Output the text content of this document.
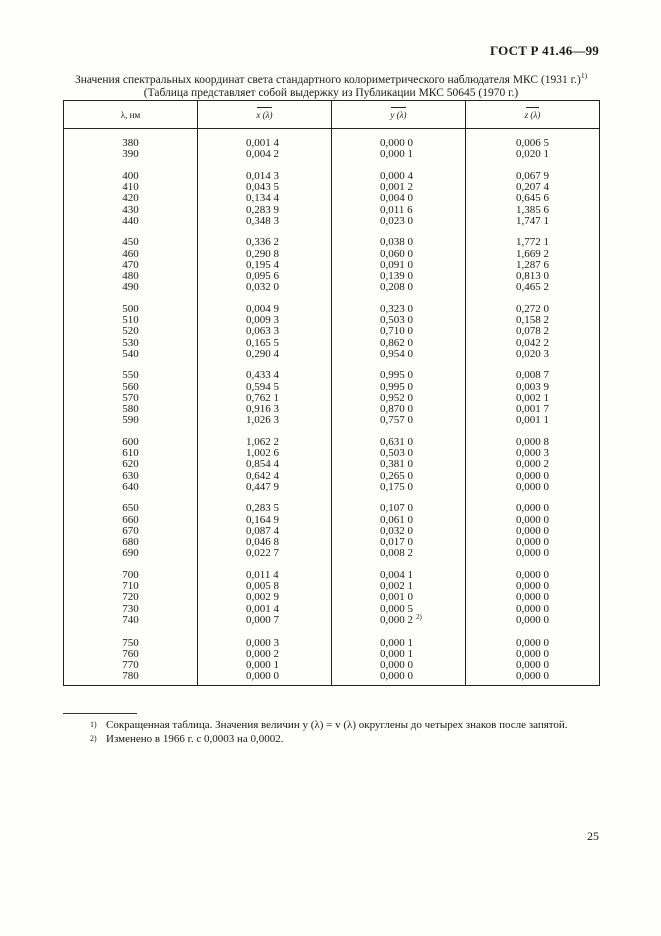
ГОСТ Р 41.46—99
Значения спектральных координат света стандартного колориметрического наблюдателя МКС (1931 г.)$^{1)}$
(Таблица представляет собой выдержку из Публикации МКС 50645 (1970 г.)
λ, нм	x (λ)	y (λ)	z (λ)
380	0,001 4	0,000 0	0,006 5
390	0,004 2	0,000 1	0,020 1

400	0,014 3	0,000 4	0,067 9
410	0,043 5	0,001 2	0,207 4
420	0,134 4	0,004 0	0,645 6
430	0,283 9	0,011 6	1,385 6
440	0,348 3	0,023 0	1,747 1

450	0,336 2	0,038 0	1,772 1
460	0,290 8	0,060 0	1,669 2
470	0,195 4	0,091 0	1,287 6
480	0,095 6	0,139 0	0,813 0
490	0,032 0	0,208 0	0,465 2

500	0,004 9	0,323 0	0,272 0
510	0,009 3	0,503 0	0,158 2
520	0,063 3	0,710 0	0,078 2
530	0,165 5	0,862 0	0,042 2
540	0,290 4	0,954 0	0,020 3

550	0,433 4	0,995 0	0,008 7
560	0,594 5	0,995 0	0,003 9
570	0,762 1	0,952 0	0,002 1
580	0,916 3	0,870 0	0,001 7
590	1,026 3	0,757 0	0,001 1

600	1,062 2	0,631 0	0,000 8
610	1,002 6	0,503 0	0,000 3
620	0,854 4	0,381 0	0,000 2
630	0,642 4	0,265 0	0,000 0
640	0,447 9	0,175 0	0,000 0

650	0,283 5	0,107 0	0,000 0
660	0,164 9	0,061 0	0,000 0
670	0,087 4	0,032 0	0,000 0
680	0,046 8	0,017 0	0,000 0
690	0,022 7	0,008 2	0,000 0

700	0,011 4	0,004 1	0,000 0
710	0,005 8	0,002 1	0,000 0
720	0,002 9	0,001 0	0,000 0
730	0,001 4	0,000 5	0,000 0
740	0,000 7	0,000 2 $^{2)}$	0,000 0

750	0,000 3	0,000 1	0,000 0
760	0,000 2	0,000 1	0,000 0
770	0,000 1	0,000 0	0,000 0
780	0,000 0	0,000 0	0,000 0
1) Сокращенная таблица. Значения величин y (λ) = v (λ) округлены до четырех знаков после запятой.
2) Изменено в 1966 г. с 0,0003 на 0,0002.
25
